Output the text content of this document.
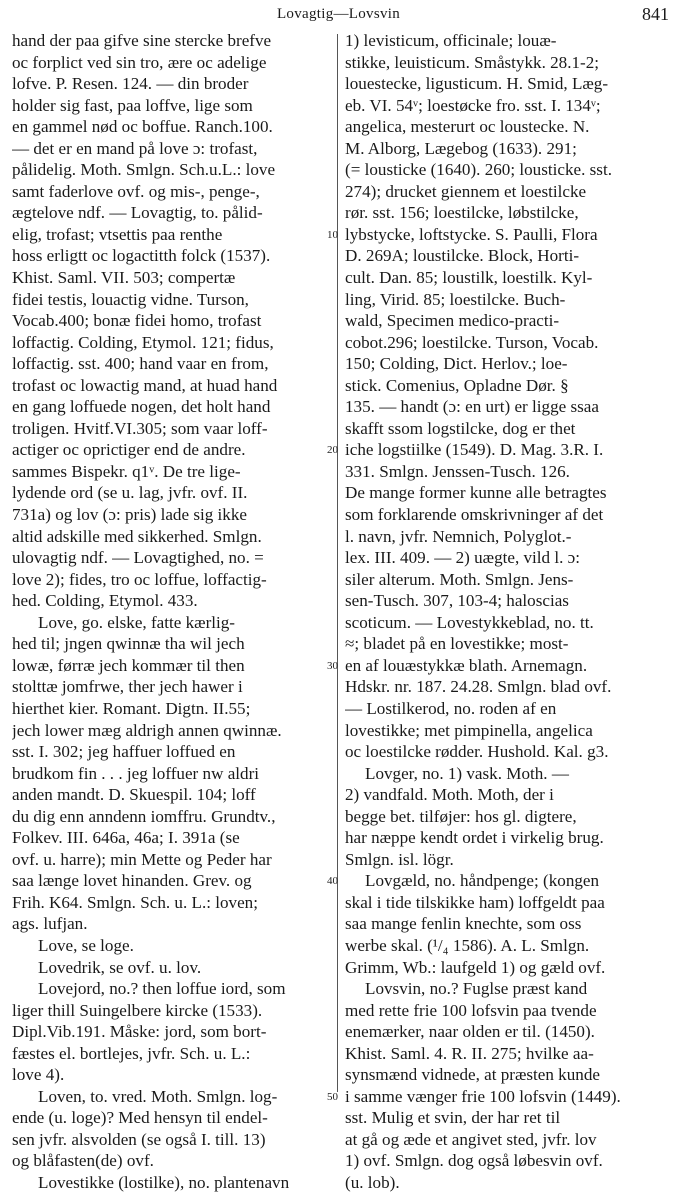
Lovagtig—Lovsvin	841
hand der paa gifve sine stercke brefve
oc forplict ved sin tro, ære oc adelige
lofve. P. Resen. 124. — din broder
holder sig fast, paa loffve, lige som
en gammel nød oc boffue. Ranch.100.
— det er en mand på love ɔ: trofast,
pålidelig. Moth. Smlgn. Sch.u.L.: love
samt faderlove ovf. og mis-, penge-,
ægtelove ndf. — Lovagtig, to. pålid-
elig, trofast; vtsettis paa renthe
hoss erligtt oc logactitth folck (1537).
Khist. Saml. VII. 503; compertæ
fidei testis, louactig vidne. Turson,
Vocab.400; bonæ fidei homo, trofast
loffactig. Colding, Etymol. 121; fidus,
loffactig. sst. 400; hand vaar en from,
trofast oc lowactig mand, at huad hand
en gang loffuede nogen, det holt hand
troligen. Hvitf.VI.305; som vaar loff-
actiger oc oprictiger end de andre.
sammes Bispekr. q1ᵛ. De tre lige-
lydende ord (se u. lag, jvfr. ovf. II.
731a) og lov (ɔ: pris) lade sig ikke
altid adskille med sikkerhed. Smlgn.
ulovagtig ndf. — Lovagtighed, no. =
love 2); fides, tro oc loffue, loffactig-
hed. Colding, Etymol. 433.
Love, go. elske, fatte kærlig-
hed til; jngen qwinnæ tha wil jech
lowæ, førræ jech kommær til then
stolttæ jomfrwe, ther jech hawer i
hierthet kier. Romant. Digtn. II.55;
jech lower mæg aldrigh annen qwinnæ.
sst. I. 302; jeg haffuer loffued en
brudkom fin . . . jeg loffuer nw aldri
anden mandt. D. Skuespil. 104; loff
du dig enn anndenn iomffru. Grundtv.,
Folkev. III. 646a, 46a; I. 391a (se
ovf. u. harre); min Mette og Peder har
saa længe lovet hinanden. Grev. og
Frih. K64. Smlgn. Sch. u. L.: loven;
ags. lufjan.
Love, se loge.
Lovedrik, se ovf. u. lov.
Lovejord, no.? then loffue iord, som
liger thill Suingelbere kircke (1533).
Dipl.Vib.191. Måske: jord, som bort-
fæstes el. bortlejes, jvfr. Sch. u. L.:
love 4).
Loven, to. vred. Moth. Smlgn. log-
ende (u. loge)? Med hensyn til endel-
sen jvfr. alsvolden (se også I. till. 13)
og blåfasten(de) ovf.
Lovestikke (lostilke), no. plantenavn
1) levisticum, officinale; louæ-
stikke, leuisticum. Småstykk. 28.1-2;
louestecke, ligusticum. H. Smid, Læg-
eb. VI. 54ᵛ; loestøcke fro. sst. I. 134ᵛ;
angelica, mesterurt oc loustecke. N.
M. Alborg, Lægebog (1633). 291;
(= lousticke (1640). 260; lousticke. sst.
274); drucket giennem et loestilcke
rør. sst. 156; loestilcke, løbstilcke,
lybstycke, loftstycke. S. Paulli, Flora
D. 269A; loustilcke. Block, Horti-
cult. Dan. 85; loustilk, loestilk. Kyl-
ling, Virid. 85; loestilcke. Buch-
wald, Specimen medico-practi-
cobot.296; loestilcke. Turson, Vocab.
150; Colding, Dict. Herlov.; loe-
stick. Comenius, Opladne Dør. §
135. — handt (ɔ: en urt) er ligge ssaa
skafft ssom logstilcke, dog er thet
iche logstiilke (1549). D. Mag. 3.R. I.
331. Smlgn. Jenssen-Tusch. 126.
De mange former kunne alle betragtes
som forklarende omskrivninger af det
l. navn, jvfr. Nemnich, Polyglot.-
lex. III. 409. — 2) uægte, vild l. ɔ:
siler alterum. Moth. Smlgn. Jens-
sen-Tusch. 307, 103-4; haloscias
scoticum. — Lovestykkeblad, no. tt.
≈; bladet på en lovestikke; most-
en af louæstykkæ blath. Arnemagn.
Hdskr. nr. 187. 24.28. Smlgn. blad ovf.
— Lostilkerod, no. roden af en
lovestikke; met pimpinella, angelica
oc loestilcke rødder. Hushold. Kal. g3.
Lovger, no. 1) vask. Moth. —
2) vandfald. Moth. Moth, der i
begge bet. tilføjer: hos gl. digtere,
har næppe kendt ordet i virkelig brug.
Smlgn. isl. lögr.
Lovgæld, no. håndpenge; (kongen
skal i tide tilskikke ham) loffgeldt paa
saa mange fenlin knechte, som oss
werbe skal. (¹/₄ 1586). A. L. Smlgn.
Grimm, Wb.: laufgeld 1) og gæld ovf.
Lovsvin, no.? Fuglse præst kand
med rette frie 100 lofsvin paa tvende
enemærker, naar olden er til. (1450).
Khist. Saml. 4. R. II. 275; hvilke aa-
synsmænd vidnede, at præsten kunde
i samme vænger frie 100 lofsvin (1449).
sst. Mulig et svin, der har ret til
at gå og æde et angivet sted, jvfr. lov
1) ovf. Smlgn. dog også løbesvin ovf.
(u. lob).
10
20
30
40
50
